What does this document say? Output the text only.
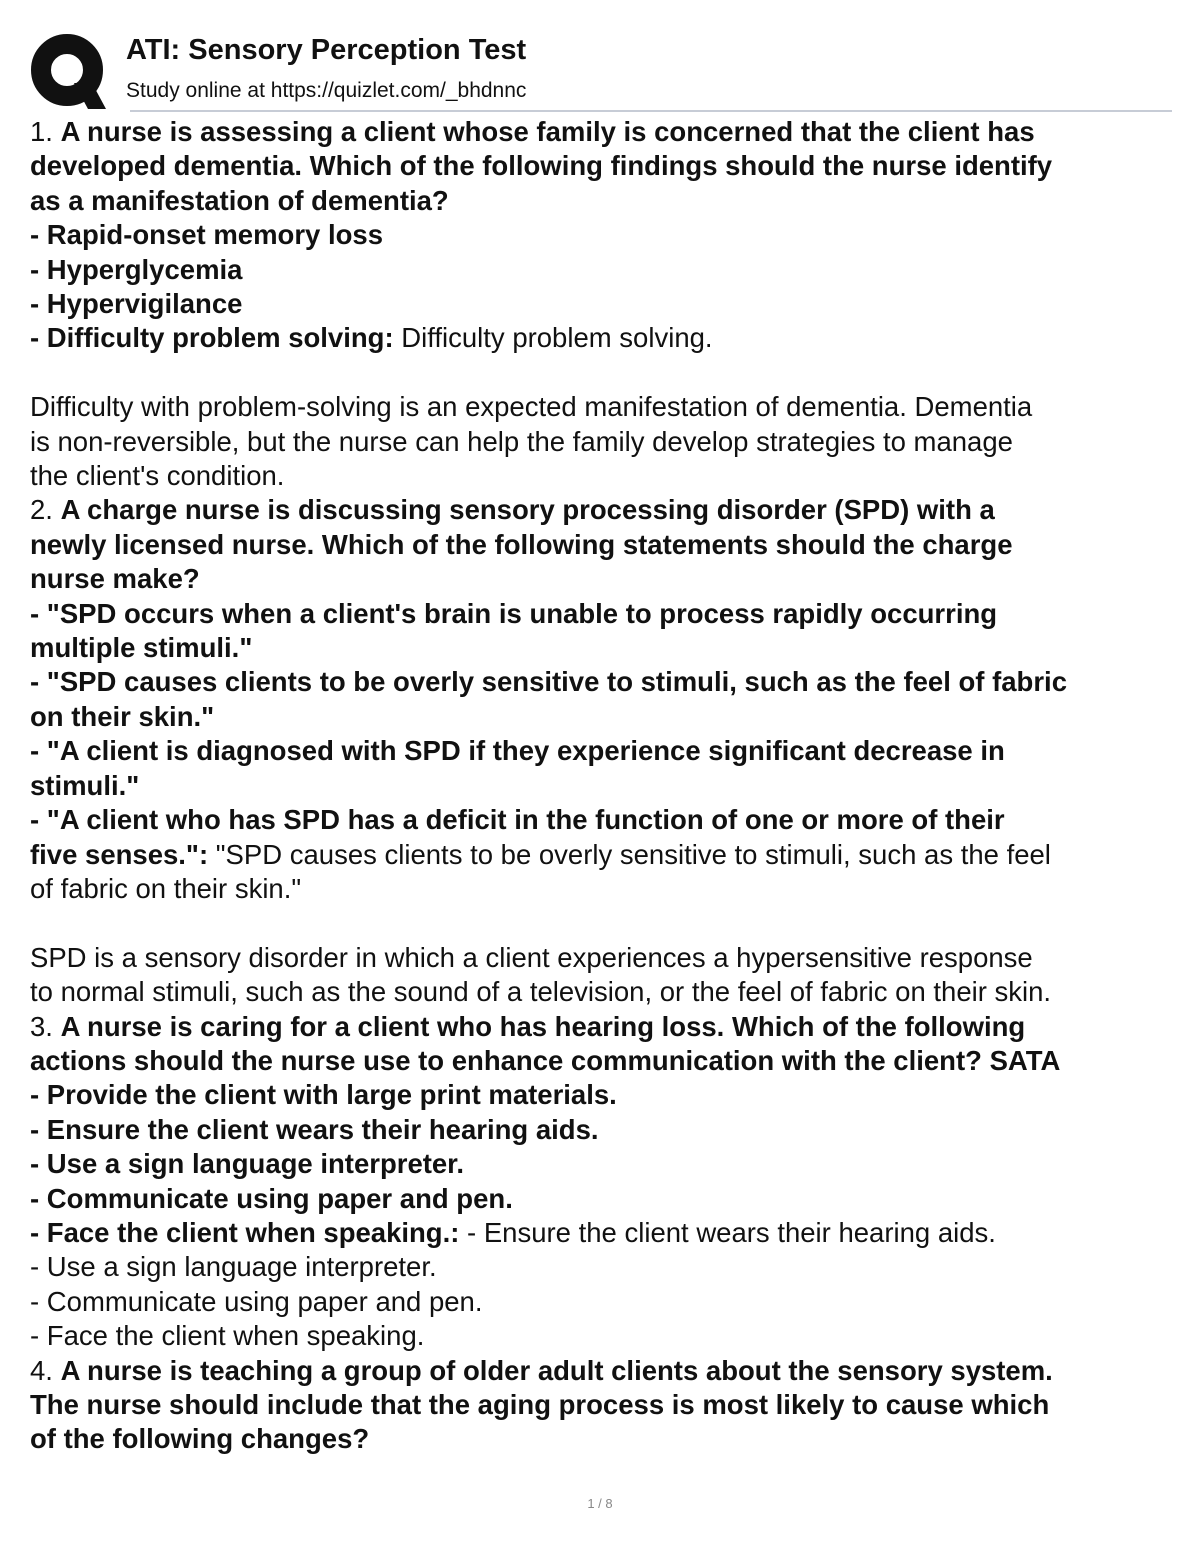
ATI: Sensory Perception Test
Study online at https://quizlet.com/_bhdnnc
1. A nurse is assessing a client whose family is concerned that the client has
developed dementia. Which of the following findings should the nurse identify
as a manifestation of dementia?
- Rapid-onset memory loss
- Hyperglycemia
- Hypervigilance
- Difficulty problem solving: Difficulty problem solving.
Difficulty with problem-solving is an expected manifestation of dementia. Dementia
is non-reversible, but the nurse can help the family develop strategies to manage
the client's condition.
2. A charge nurse is discussing sensory processing disorder (SPD) with a
newly licensed nurse. Which of the following statements should the charge
nurse make?
- "SPD occurs when a client's brain is unable to process rapidly occurring
multiple stimuli."
- "SPD causes clients to be overly sensitive to stimuli, such as the feel of fabric
on their skin."
- "A client is diagnosed with SPD if they experience significant decrease in
stimuli."
- "A client who has SPD has a deficit in the function of one or more of their
five senses.": "SPD causes clients to be overly sensitive to stimuli, such as the feel
of fabric on their skin."
SPD is a sensory disorder in which a client experiences a hypersensitive response
to normal stimuli, such as the sound of a television, or the feel of fabric on their skin.
3. A nurse is caring for a client who has hearing loss. Which of the following
actions should the nurse use to enhance communication with the client? SATA
- Provide the client with large print materials.
- Ensure the client wears their hearing aids.
- Use a sign language interpreter.
- Communicate using paper and pen.
- Face the client when speaking.: - Ensure the client wears their hearing aids.
- Use a sign language interpreter.
- Communicate using paper and pen.
- Face the client when speaking.
4. A nurse is teaching a group of older adult clients about the sensory system.
The nurse should include that the aging process is most likely to cause which
of the following changes?
1 / 8
